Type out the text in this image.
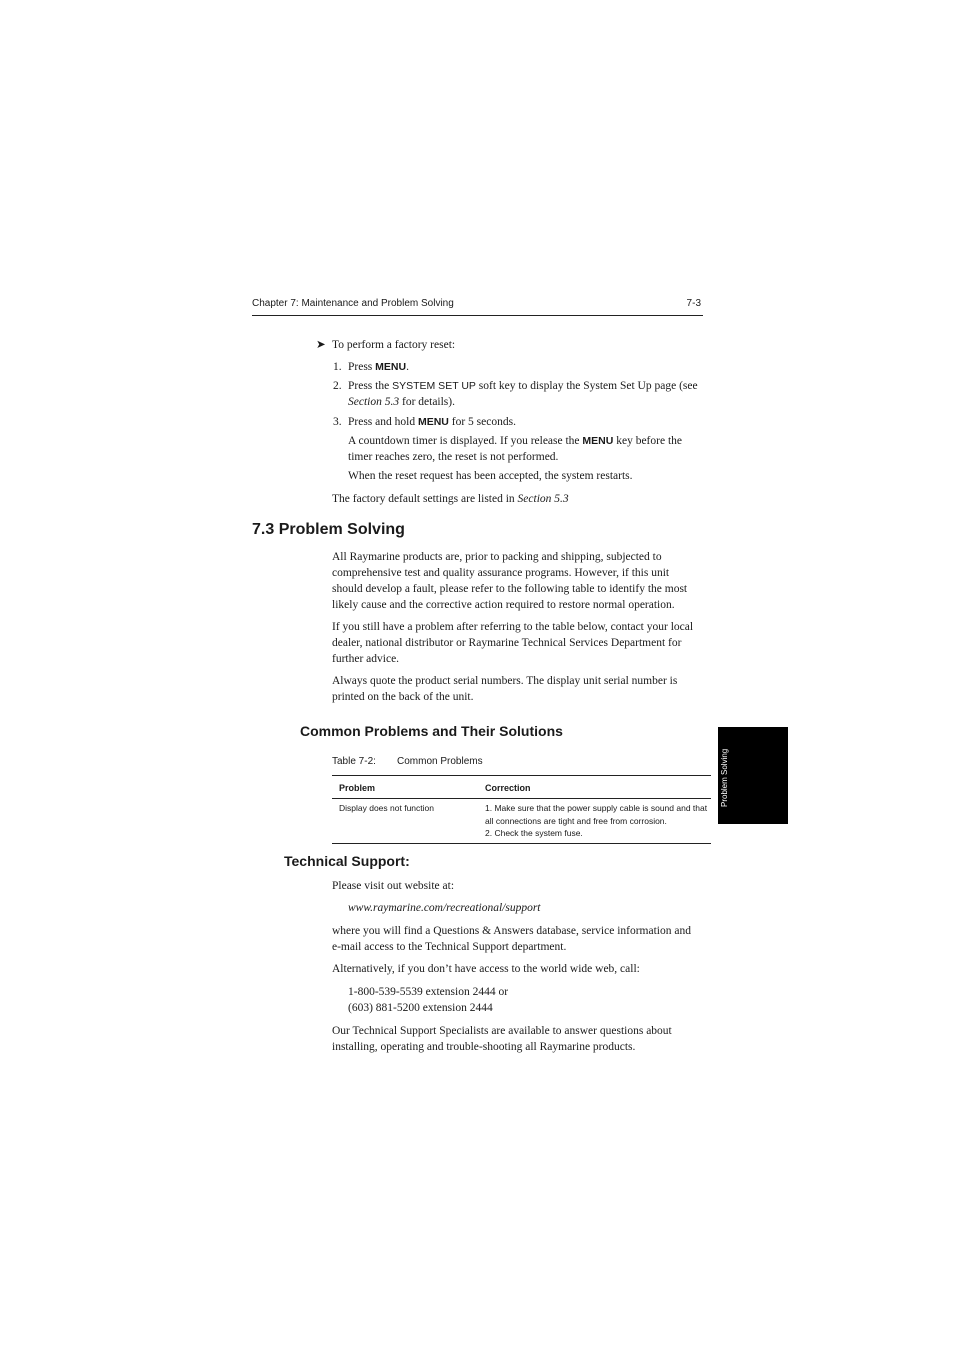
Chapter 7: Maintenance and Problem Solving	7-3
➤ To perform a factory reset:
1. Press MENU.
2. Press the SYSTEM SET UP soft key to display the System Set Up page (see
Section 5.3 for details).
3. Press and hold MENU for 5 seconds.
A countdown timer is displayed. If you release the MENU key before the
timer reaches zero, the reset is not performed.
When the reset request has been accepted, the system restarts.
The factory default settings are listed in Section 5.3
7.3 Problem Solving
All Raymarine products are, prior to packing and shipping, subjected to
comprehensive test and quality assurance programs. However, if this unit
should develop a fault, please refer to the following table to identify the most
likely cause and the corrective action required to restore normal operation.
If you still have a problem after referring to the table below, contact your local
dealer, national distributor or Raymarine Technical Services Department for
further advice.
Always quote the product serial numbers. The display unit serial number is
printed on the back of the unit.
Common Problems and Their Solutions
Table 7-2: Common Problems
Problem	Correction
Display does not function	1. Make sure that the power supply cable is sound and that
all connections are tight and free from corrosion.
2. Check the system fuse.
Technical Support:
Please visit out website at:
www.raymarine.com/recreational/support
where you will find a Questions & Answers database, service information and
e-mail access to the Technical Support department.
Alternatively, if you don’t have access to the world wide web, call:
1-800-539-5539 extension 2444 or
(603) 881-5200 extension 2444
Our Technical Support Specialists are available to answer questions about
installing, operating and trouble-shooting all Raymarine products.
Problem Solving
